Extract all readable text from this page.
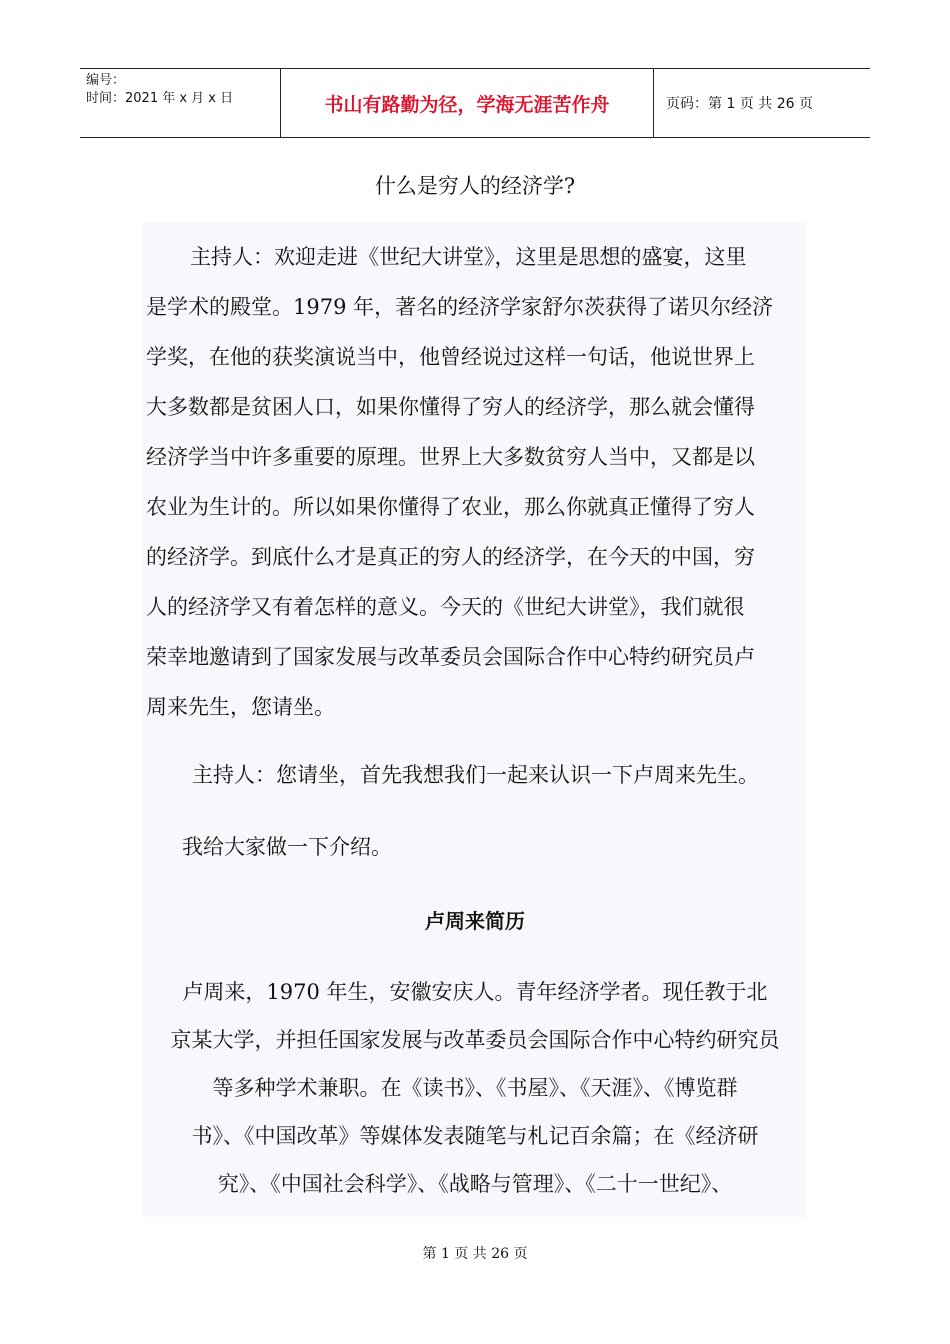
编号：
时间：2021 年 x 月 x 日	书山有路勤为径，学海无涯苦作舟	页码：第 1 页 共 26 页
什么是穷人的经济学?
主持人：欢迎走进《世纪大讲堂》，这里是思想的盛宴，这里
是学术的殿堂。1979 年，著名的经济学家舒尔茨获得了诺贝尔经济
学奖，在他的获奖演说当中，他曾经说过这样一句话，他说世界上
大多数都是贫困人口，如果你懂得了穷人的经济学，那么就会懂得
经济学当中许多重要的原理。世界上大多数贫穷人当中，又都是以
农业为生计的。所以如果你懂得了农业，那么你就真正懂得了穷人
的经济学。到底什么才是真正的穷人的经济学，在今天的中国，穷
人的经济学又有着怎样的意义。今天的《世纪大讲堂》，我们就很
荣幸地邀请到了国家发展与改革委员会国际合作中心特约研究员卢
周来先生，您请坐。
主持人：您请坐，首先我想我们一起来认识一下卢周来先生。
我给大家做一下介绍。
卢周来简历
卢周来，1970 年生，安徽安庆人。青年经济学者。现任教于北
京某大学，并担任国家发展与改革委员会国际合作中心特约研究员
等多种学术兼职。在《读书》、《书屋》、《天涯》、《博览群
书》、《中国改革》等媒体发表随笔与札记百余篇；在《经济研
究》、《中国社会科学》、《战略与管理》、《二十一世纪》、
第 1 页 共 26 页
